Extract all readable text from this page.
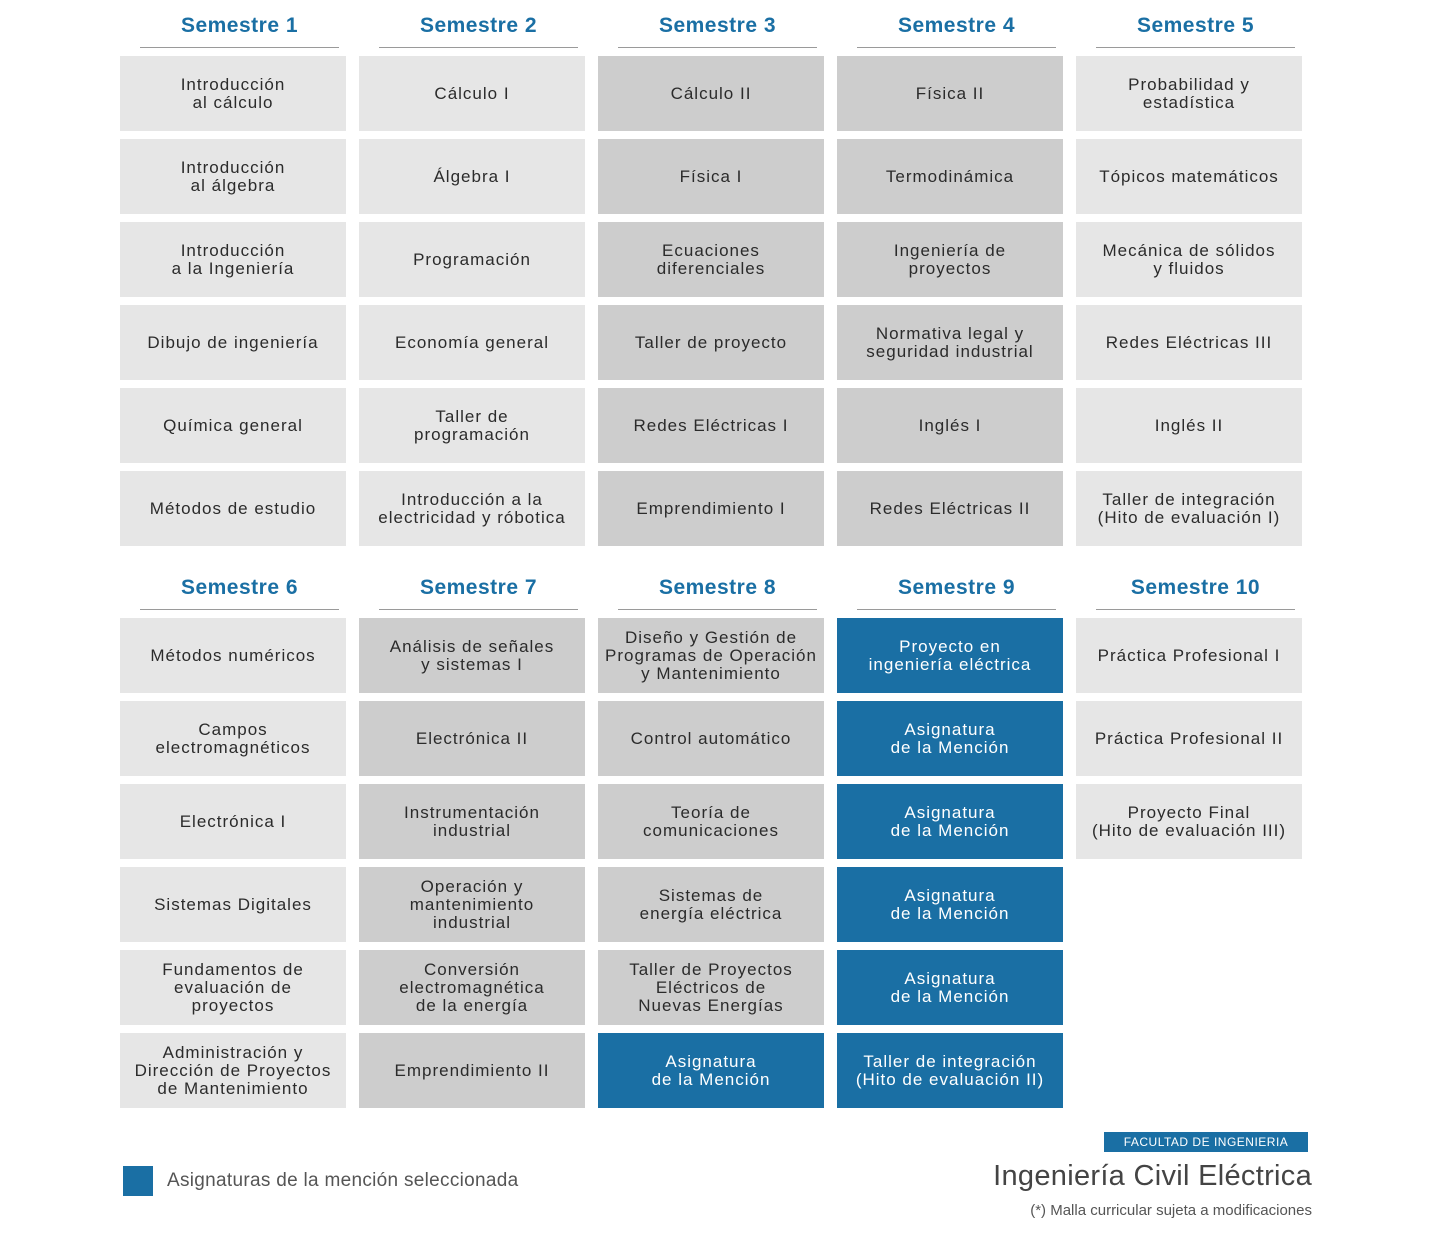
Semestre 1
Introducción
al cálculo
Introducción
al álgebra
Introducción
a la Ingeniería
Dibujo de ingeniería
Química general
Métodos de estudio
Semestre 2
Cálculo I
Álgebra I
Programación
Economía general
Taller de
programación
Introducción a la
electricidad y róbotica
Semestre 3
Cálculo II
Física I
Ecuaciones
diferenciales
Taller de proyecto
Redes Eléctricas I
Emprendimiento I
Semestre 4
Física II
Termodinámica
Ingeniería de
proyectos
Normativa legal y
seguridad industrial
Inglés I
Redes Eléctricas II
Semestre 5
Probabilidad y
estadística
Tópicos matemáticos
Mecánica de sólidos
y fluidos
Redes Eléctricas III
Inglés II
Taller de integración
(Hito de evaluación I)
Semestre 6
Métodos numéricos
Campos
electromagnéticos
Electrónica I
Sistemas Digitales
Fundamentos de
evaluación de
proyectos
Administración y
Dirección de Proyectos
de Mantenimiento
Semestre 7
Análisis de señales
y sistemas I
Electrónica II
Instrumentación
industrial
Operación y
mantenimiento
industrial
Conversión
electromagnética
de la energía
Emprendimiento II
Semestre 8
Diseño y Gestión de
Programas de Operación
y Mantenimiento
Control automático
Teoría de
comunicaciones
Sistemas de
energía eléctrica
Taller de Proyectos
Eléctricos de
Nuevas Energías
Asignatura
de la Mención
Semestre 9
Proyecto en
ingeniería eléctrica
Asignatura
de la Mención
Asignatura
de la Mención
Asignatura
de la Mención
Asignatura
de la Mención
Taller de integración
(Hito de evaluación II)
Semestre 10
Práctica Profesional I
Práctica Profesional II
Proyecto Final
(Hito de evaluación III)
Asignaturas de la mención seleccionada
FACULTAD DE INGENIERIA
Ingeniería Civil Eléctrica
(*) Malla curricular sujeta a modificaciones
